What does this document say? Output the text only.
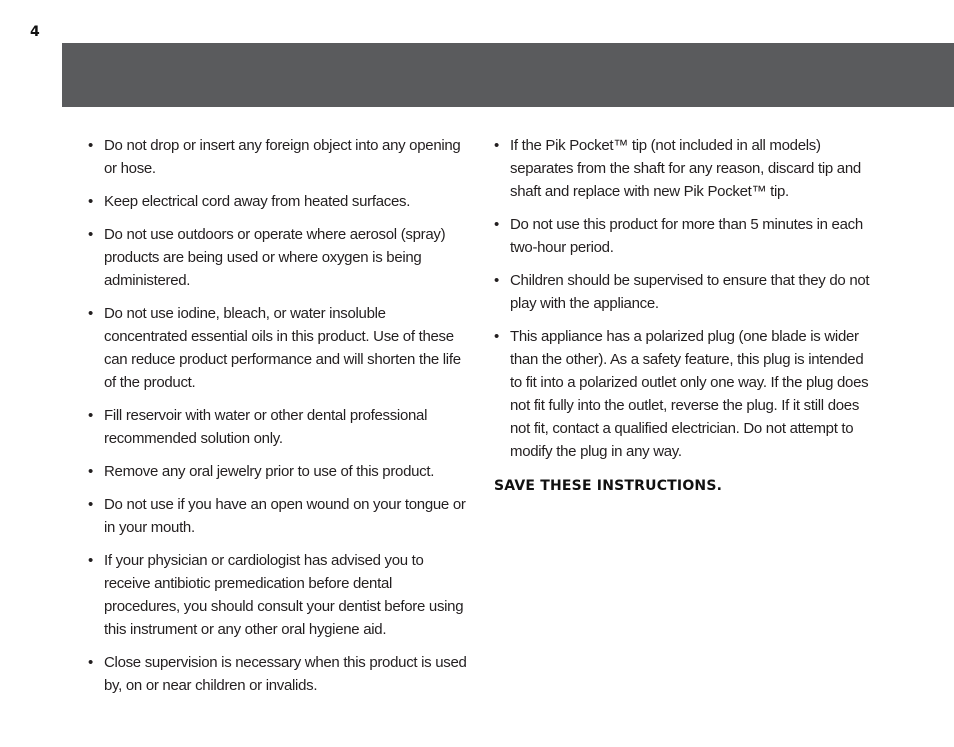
4
• Do not drop or insert any foreign object into any opening or hose.
• Keep electrical cord away from heated surfaces.
• Do not use outdoors or operate where aerosol (spray) products are being used or where oxygen is being administered.
• Do not use iodine, bleach, or water insoluble concentrated essential oils in this product. Use of these can reduce product performance and will shorten the life of the product.
• Fill reservoir with water or other dental professional recommended solution only.
• Remove any oral jewelry prior to use of this product.
• Do not use if you have an open wound on your tongue or in your mouth.
• If your physician or cardiologist has advised you to receive antibiotic premedication before dental procedures, you should consult your dentist before using this instrument or any other oral hygiene aid.
• Close supervision is necessary when this product is used by, on or near children or invalids.
• If the Pik Pocket™ tip (not included in all models) separates from the shaft for any reason, discard tip and shaft and replace with new Pik Pocket™ tip.
• Do not use this product for more than 5 minutes in each two-hour period.
• Children should be supervised to ensure that they do not play with the appliance.
• This appliance has a polarized plug (one blade is wider than the other). As a safety feature, this plug is intended to fit into a polarized outlet only one way. If the plug does not fit fully into the outlet, reverse the plug. If it still does not fit, contact a qualified electrician. Do not attempt to modify the plug in any way.
SAVE THESE INSTRUCTIONS.
